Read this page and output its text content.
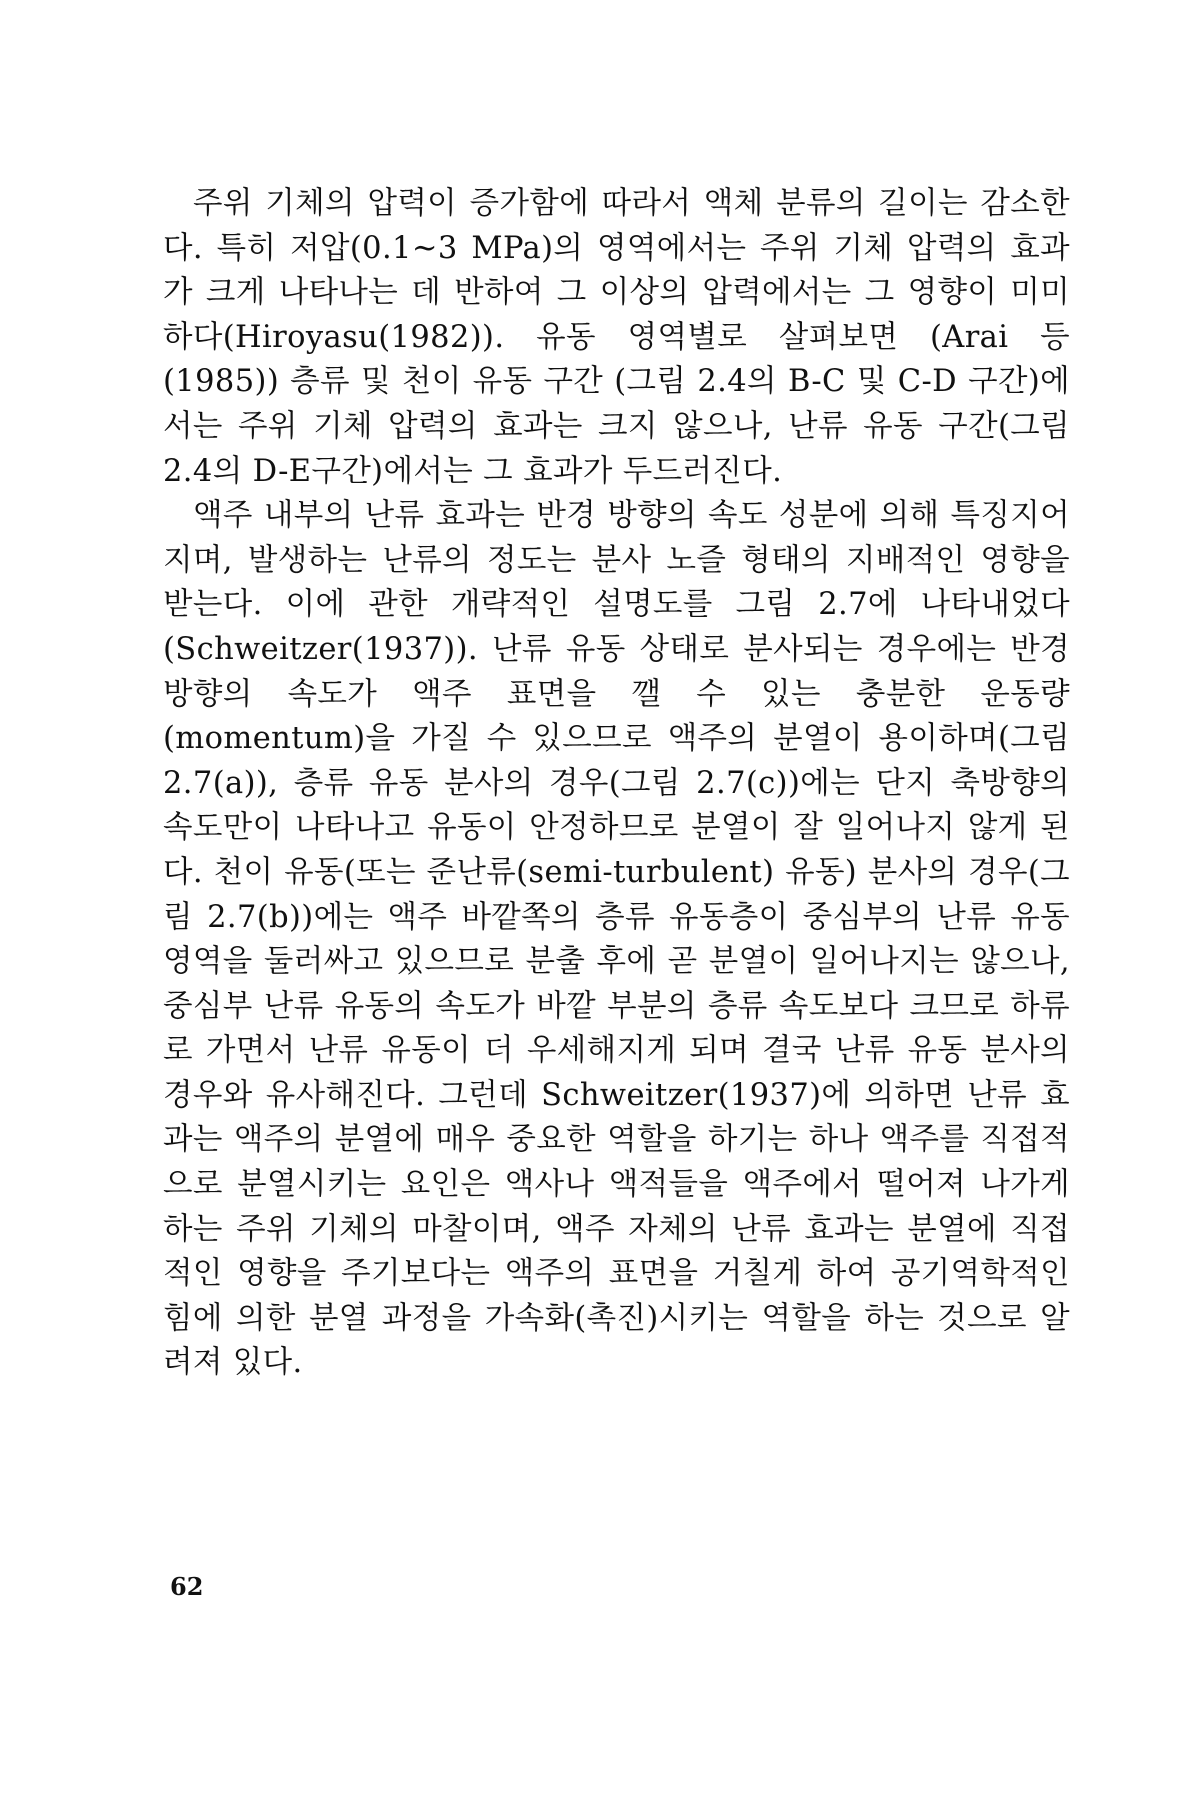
주위 기체의 압력이 증가함에 따라서 액체 분류의 길이는 감소한다. 특히 저압(0.1~3 MPa)의 영역에서는 주위 기체 압력의 효과가 크게 나타나는 데 반하여 그 이상의 압력에서는 그 영향이 미미하다(Hiroyasu(1982)). 유동 영역별로 살펴보면 (Arai 등(1985)) 층류 및 천이 유동 구간 (그림 2.4의 B-C 및 C-D 구간)에서는 주위 기체 압력의 효과는 크지 않으나, 난류 유동 구간(그림 2.4의 D-E구간)에서는 그 효과가 두드러진다.

액주 내부의 난류 효과는 반경 방향의 속도 성분에 의해 특징지어지며, 발생하는 난류의 정도는 분사 노즐 형태의 지배적인 영향을 받는다. 이에 관한 개략적인 설명도를 그림 2.7에 나타내었다(Schweitzer(1937)). 난류 유동 상태로 분사되는 경우에는 반경 방향의 속도가 액주 표면을 깰 수 있는 충분한 운동량(momentum)을 가질 수 있으므로 액주의 분열이 용이하며(그림 2.7(a)), 층류 유동 분사의 경우(그림 2.7(c))에는 단지 축방향의 속도만이 나타나고 유동이 안정하므로 분열이 잘 일어나지 않게 된다. 천이 유동(또는 준난류(semi-turbulent) 유동) 분사의 경우(그림 2.7(b))에는 액주 바깥쪽의 층류 유동층이 중심부의 난류 유동 영역을 둘러싸고 있으므로 분출 후에 곧 분열이 일어나지는 않으나, 중심부 난류 유동의 속도가 바깥 부분의 층류 속도보다 크므로 하류로 가면서 난류 유동이 더 우세해지게 되며 결국 난류 유동 분사의 경우와 유사해진다. 그런데 Schweitzer(1937)에 의하면 난류 효과는 액주의 분열에 매우 중요한 역할을 하기는 하나 액주를 직접적으로 분열시키는 요인은 액사나 액적들을 액주에서 떨어져 나가게 하는 주위 기체의 마찰이며, 액주 자체의 난류 효과는 분열에 직접적인 영향을 주기보다는 액주의 표면을 거칠게 하여 공기역학적인 힘에 의한 분열 과정을 가속화(촉진)시키는 역할을 하는 것으로 알려져 있다.

62
